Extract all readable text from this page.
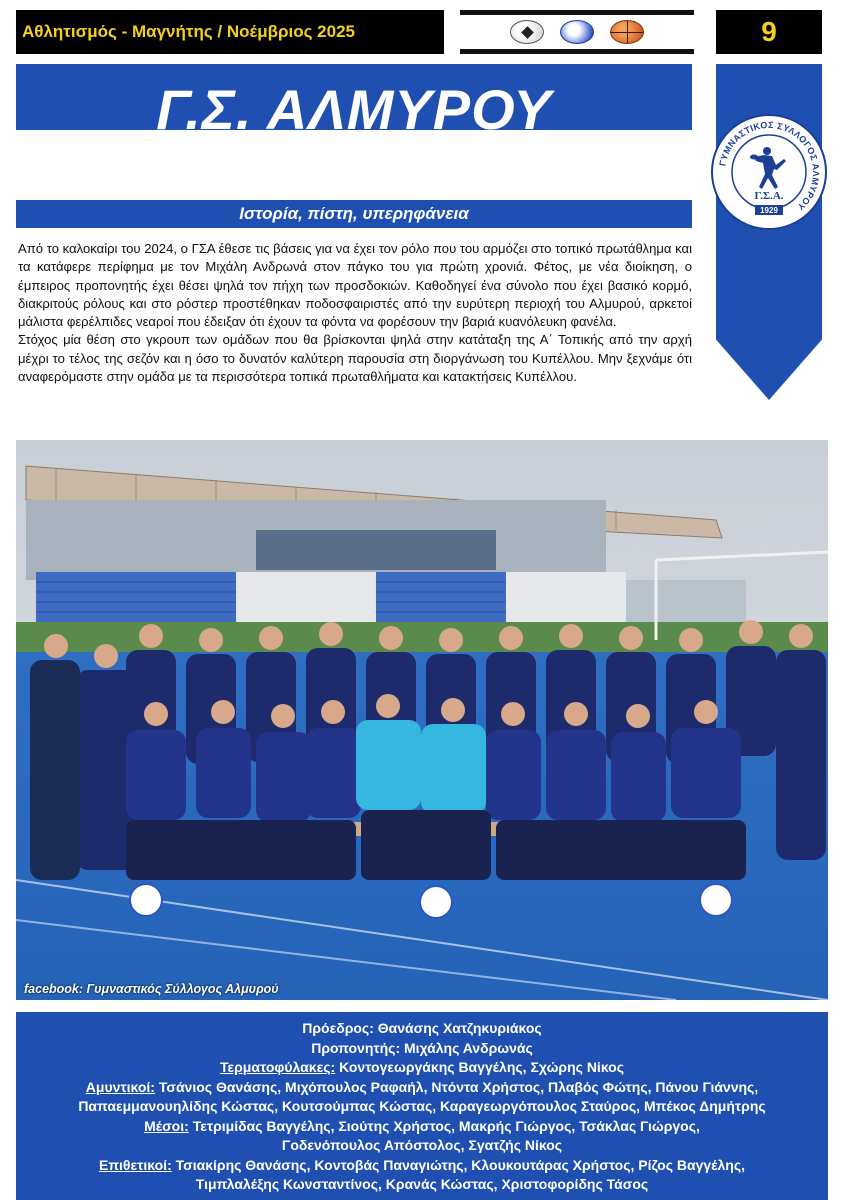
Αθλητισμός - Μαγνήτης / Νοέμβριος 2025	9
Γ.Σ. ΑΛΜΥΡΟΥ
ΓΥΜΝΑΣΤΙΚΟΣ ΣΥΛΛΟΓΟΣ ΑΛΜΥΡΟΥ
Γ.Σ.Α.
1929
Ιστορία, πίστη, υπερηφάνεια

Από το καλοκαίρι του 2024, ο ΓΣΑ έθεσε τις βάσεις για να έχει τον ρόλο που του αρμόζει στο τοπικό πρωτάθλημα και τα κατάφερε περίφημα με τον Μιχάλη Ανδρωνά στον πάγκο του για πρώτη χρονιά. Φέτος, με νέα διοίκηση, ο έμπειρος προπονητής έχει θέσει ψηλά τον πήχη των προσδοκιών. Καθοδηγεί ένα σύνολο που έχει βασικό κορμό, διακριτούς ρόλους και στο ρόστερ προστέθηκαν ποδοσφαιριστές από την ευρύτερη περιοχή του Αλμυρού, αρκετοί μάλιστα φερέλπιδες νεαροί που έδειξαν ότι έχουν τα φόντα να φορέσουν την βαριά κυανόλευκη φανέλα.

Στόχος μία θέση στο γκρουπ των ομάδων που θα βρίσκονται ψηλά στην κατάταξη της Α΄ Τοπικής από την αρχή μέχρι το τέλος της σεζόν και η όσο το δυνατόν καλύτερη παρουσία στη διοργάνωση του Κυπέλλου. Μην ξεχνάμε ότι αναφερόμαστε στην ομάδα με τα περισσότερα τοπικά πρωταθλήματα και κατακτήσεις Κυπέλλου.

facebook: Γυμναστικός Σύλλογος Αλμυρού
Πρόεδρος: Θανάσης Χατζηκυριάκος
Προπονητής: Μιχάλης Ανδρωνάς
Τερματοφύλακες: Κοντογεωργάκης Βαγγέλης, Σχώρης Νίκος
Αμυντικοί: Τσάνιος Θανάσης, Μιχόπουλος Ραφαήλ, Ντόντα Χρήστος, Πλαβός Φώτης, Πάνου Γιάννης,
Παπαεμμανουηλίδης Κώστας, Κουτσούμπας Κώστας, Καραγεωργόπουλος Σταύρος, Μπέκος Δημήτρης
Μέσοι: Τετριμίδας Βαγγέλης, Σιούτης Χρήστος, Μακρής Γιώργος, Τσάκλας Γιώργος,
Γοδενόπουλος Απόστολος, Σγατζής Νίκος
Επιθετικοί: Τσιακίρης Θανάσης, Κοντοβάς Παναγιώτης, Κλουκουτάρας Χρήστος, Ρίζος Βαγγέλης,
Τιμπλαλέξης Κωνσταντίνος, Κρανάς Κώστας, Χριστοφορίδης Τάσος
